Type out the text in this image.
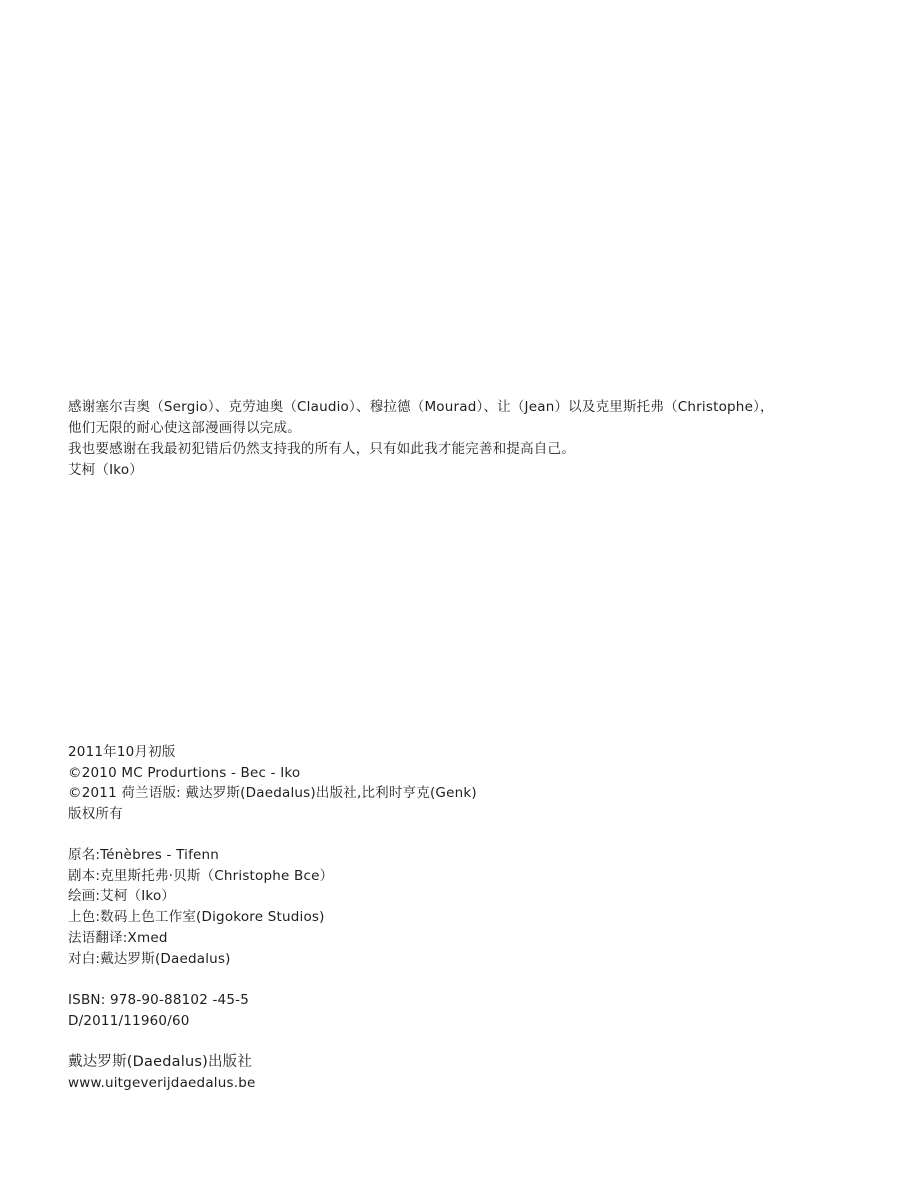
感谢塞尔吉奥（Sergio）、克劳迪奥（Claudio）、穆拉德（Mourad）、让（Jean）以及克里斯托弗（Christophe），
他们无限的耐心使这部漫画得以完成。
我也要感谢在我最初犯错后仍然支持我的所有人，只有如此我才能完善和提高自己。
艾柯（Iko）
2011年10月初版
©2010 MC Produrtions - Bec - Iko
©2011 荷兰语版: 戴达罗斯(Daedalus)出版社,比利时亨克(Genk)
版权所有
原名:Ténèbres - Tifenn
剧本:克里斯托弗·贝斯（Christophe Bce）
绘画:艾柯（Iko）
上色:数码上色工作室(Digokore Studios)
法语翻译:Xmed
对白:戴达罗斯(Daedalus)
ISBN: 978-90-88102 -45-5
D/2011/11960/60
戴达罗斯(Daedalus)出版社
www.uitgeverijdaedalus.be
